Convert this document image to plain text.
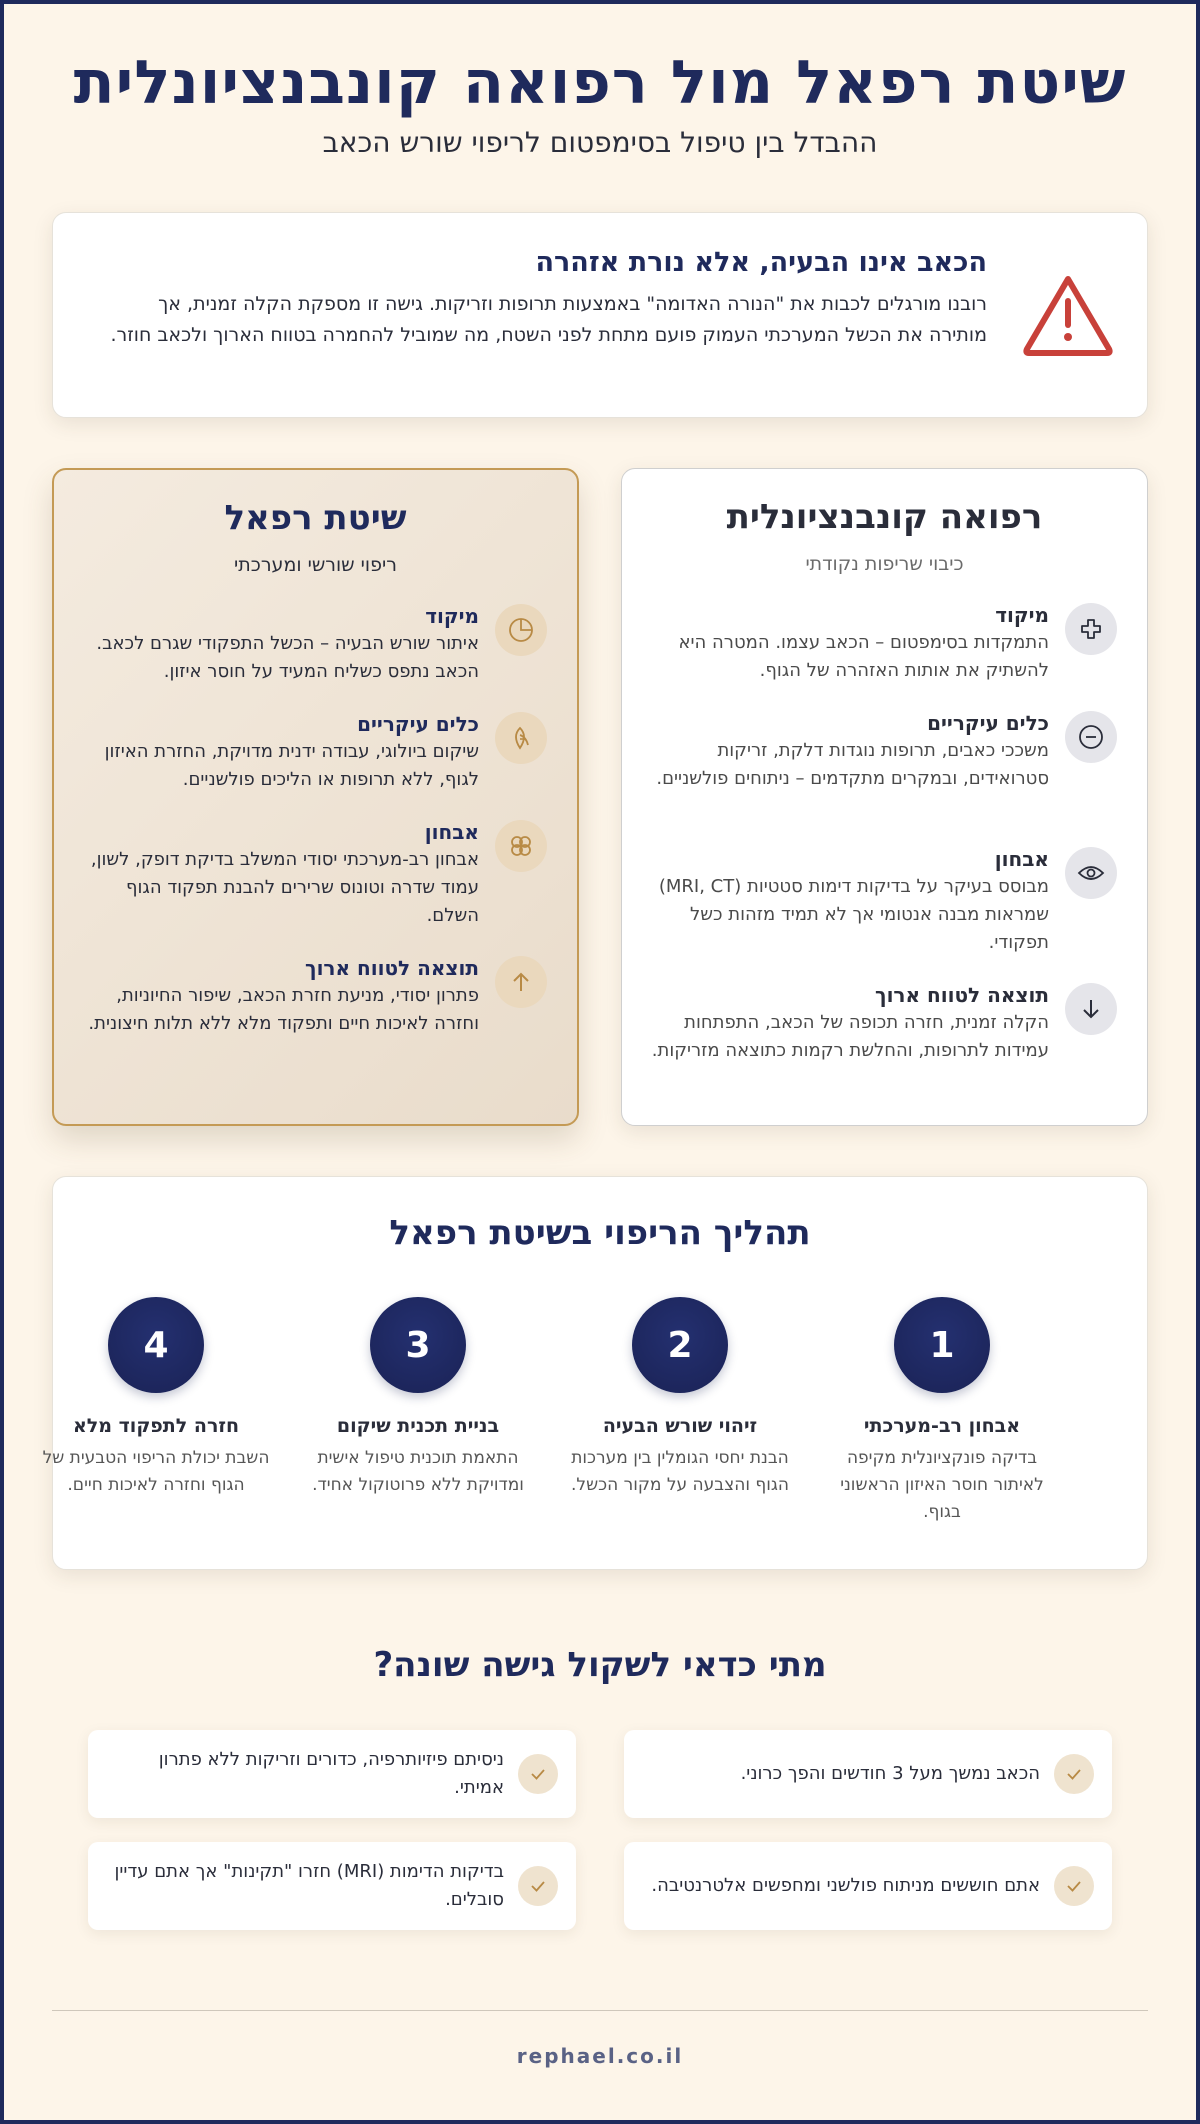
שיטת רפאל מול רפואה קונבנציונלית
ההבדל בין טיפול בסימפטום לריפוי שורש הכאב
הכאב אינו הבעיה, אלא נורת אזהרה

רובנו מורגלים לכבות את "הנורה האדומה" באמצעות תרופות וזריקות. גישה זו מספקת הקלה זמנית, אך מותירה את הכשל המערכתי העמוק פועם מתחת לפני השטח, מה שמוביל להחמרה בטווח הארוך ולכאב חוזר.

רפואה קונבנציונלית
כיבוי שריפות נקודתי
מיקוד
התמקדות בסימפטום – הכאב עצמו. המטרה היא להשתיק את אותות האזהרה של הגוף.
כלים עיקריים
משככי כאבים, תרופות נוגדות דלקת, זריקות סטרואידים, ובמקרים מתקדמים – ניתוחים פולשניים.
אבחון
מבוסס בעיקר על בדיקות דימות סטטיות (MRI, CT) שמראות מבנה אנטומי אך לא תמיד מזהות כשל תפקודי.
תוצאה לטווח ארוך
הקלה זמנית, חזרה תכופה של הכאב, התפתחות עמידות לתרופות, והחלשת רקמות כתוצאה מזריקות.
שיטת רפאל
ריפוי שורשי ומערכתי
מיקוד
איתור שורש הבעיה – הכשל התפקודי שגרם לכאב. הכאב נתפס כשליח המעיד על חוסר איזון.
כלים עיקריים
שיקום ביולוגי, עבודה ידנית מדויקת, החזרת האיזון לגוף, ללא תרופות או הליכים פולשניים.
אבחון
אבחון רב-מערכתי יסודי המשלב בדיקת דופק, לשון, עמוד שדרה וטונוס שרירים להבנת תפקוד הגוף השלם.
תוצאה לטווח ארוך
פתרון יסודי, מניעת חזרת הכאב, שיפור החיוניות, וחזרה לאיכות חיים ותפקוד מלא ללא תלות חיצונית.
תהליך הריפוי בשיטת רפאל
1
אבחון רב-מערכתי
בדיקה פונקציונלית מקיפה לאיתור חוסר האיזון הראשוני בגוף.
2
זיהוי שורש הבעיה
הבנת יחסי הגומלין בין מערכות הגוף והצבעה על מקור הכשל.
3
בניית תכנית שיקום
התאמת תוכנית טיפול אישית ומדויקת ללא פרוטוקול אחיד.
4
חזרה לתפקוד מלא
השבת יכולת הריפוי הטבעית של הגוף וחזרה לאיכות חיים.
מתי כדאי לשקול גישה שונה?
הכאב נמשך מעל 3 חודשים והפך כרוני.
ניסיתם פיזיותרפיה, כדורים וזריקות ללא פתרון אמיתי.
אתם חוששים מניתוח פולשני ומחפשים אלטרנטיבה.
בדיקות הדימות (MRI) חזרו "תקינות" אך אתם עדיין סובלים.
rephael.co.il
